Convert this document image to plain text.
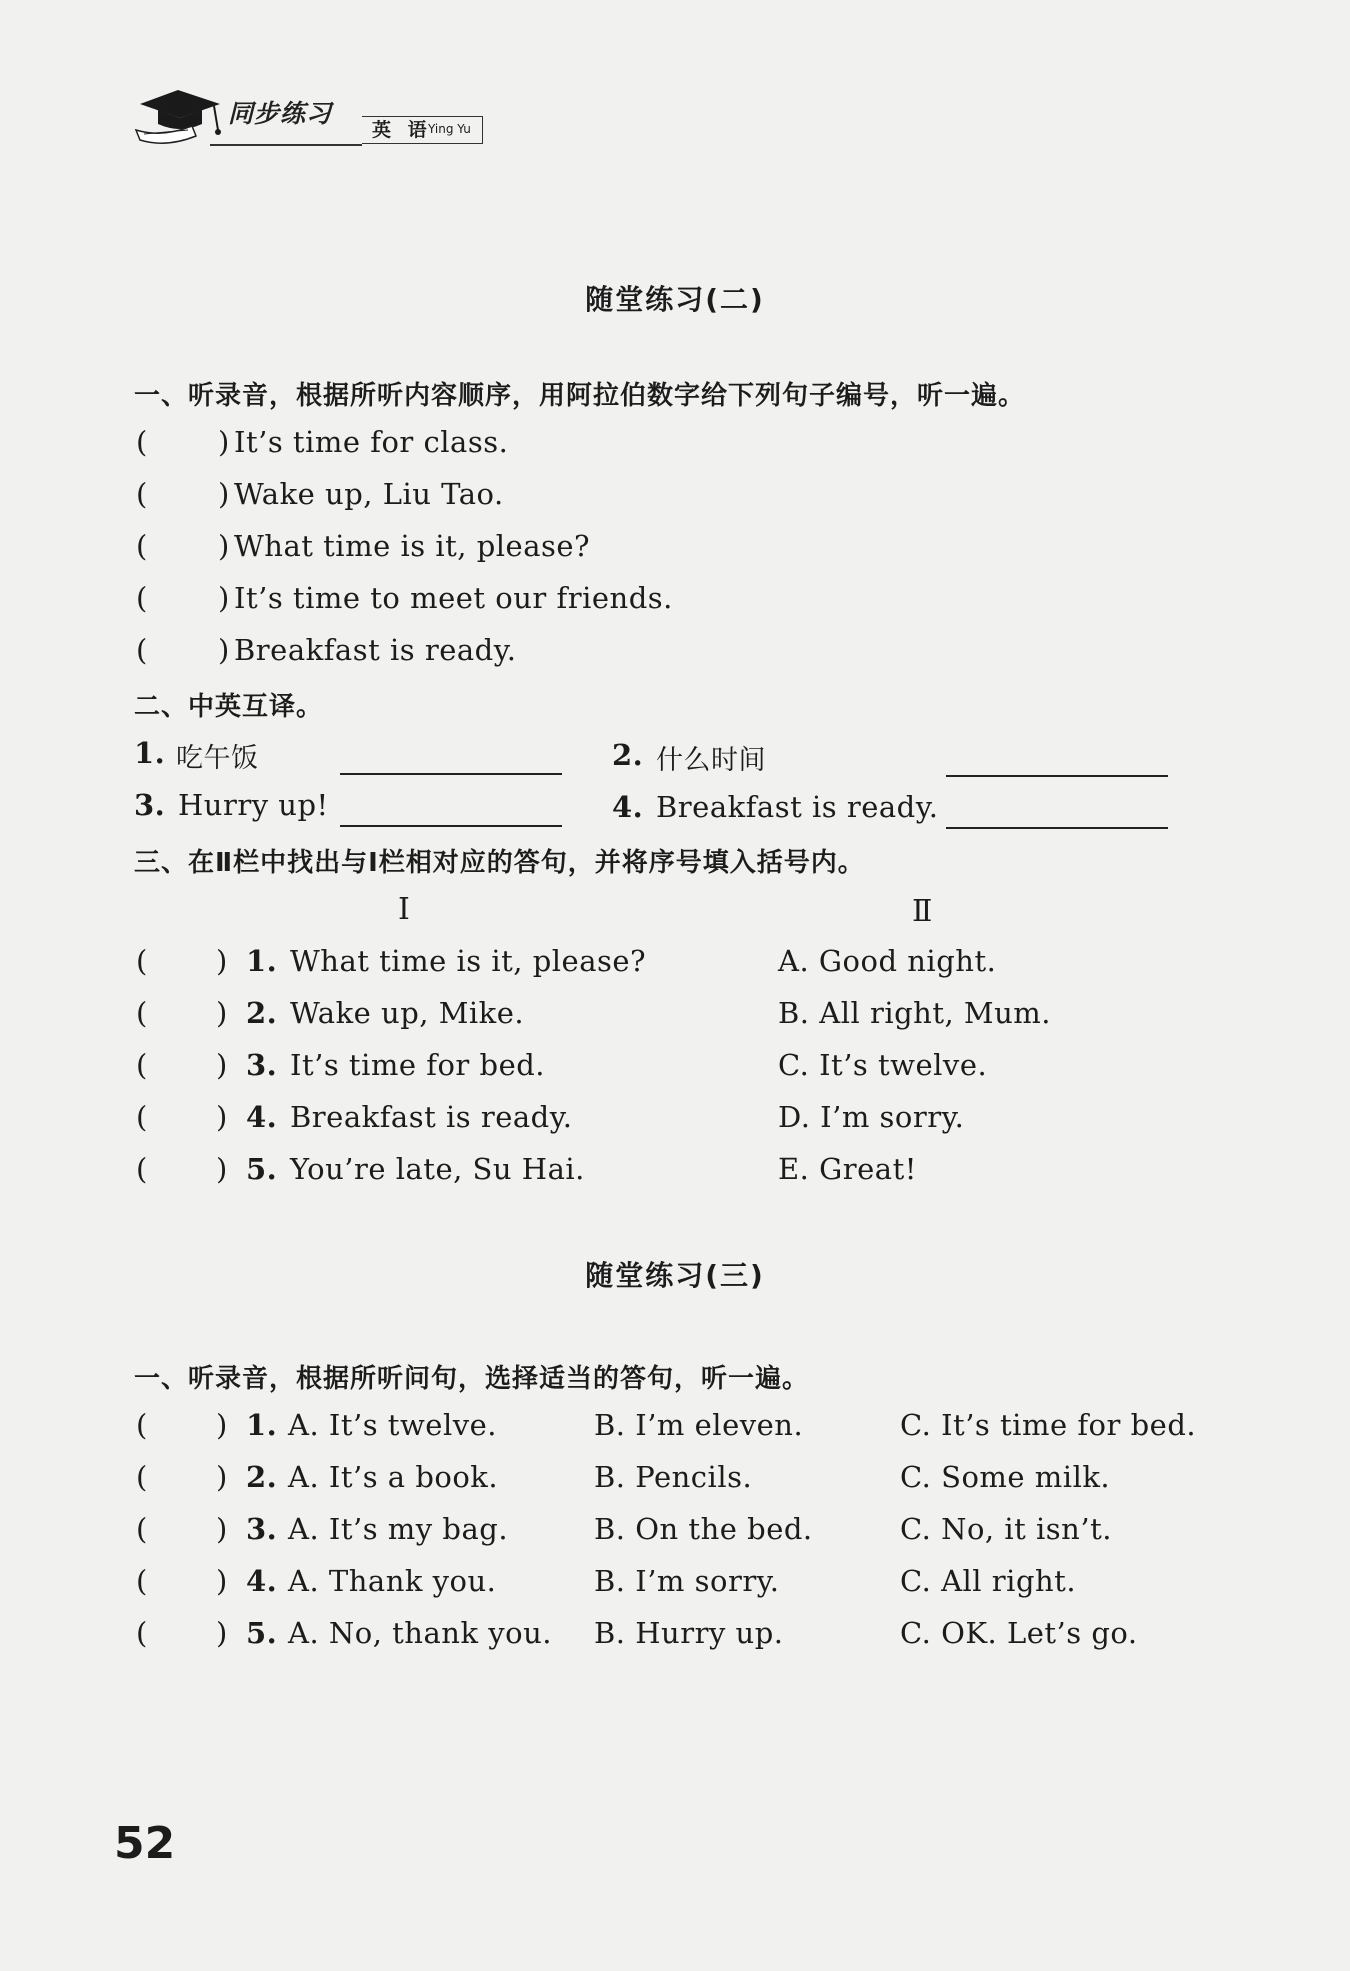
同步练习
英 语
Ying Yu
随堂练习(二)
一、听录音，根据所听内容顺序，用阿拉伯数字给下列句子编号，听一遍。
( ) It’s time for class.
( ) Wake up, Liu Tao.
( ) What time is it, please?
( ) It’s time to meet our friends.
( ) Breakfast is ready.
二、中英互译。
1. 吃午饭	2. 什么时间
3. Hurry up!	4. Breakfast is ready.
三、在Ⅱ栏中找出与Ⅰ栏相对应的答句，并将序号填入括号内。
Ⅰ	Ⅱ
( ) 1. What time is it, please?	A. Good night.
( ) 2. Wake up, Mike.	B. All right, Mum.
( ) 3. It’s time for bed.	C. It’s twelve.
( ) 4. Breakfast is ready.	D. I’m sorry.
( ) 5. You’re late, Su Hai.	E. Great!
随堂练习(三)
一、听录音，根据所听问句，选择适当的答句，听一遍。
( ) 1. A. It’s twelve.	B. I’m eleven.	C. It’s time for bed.
( ) 2. A. It’s a book.	B. Pencils.	C. Some milk.
( ) 3. A. It’s my bag.	B. On the bed.	C. No, it isn’t.
( ) 4. A. Thank you.	B. I’m sorry.	C. All right.
( ) 5. A. No, thank you. B. Hurry up.	C. OK. Let’s go.
52
